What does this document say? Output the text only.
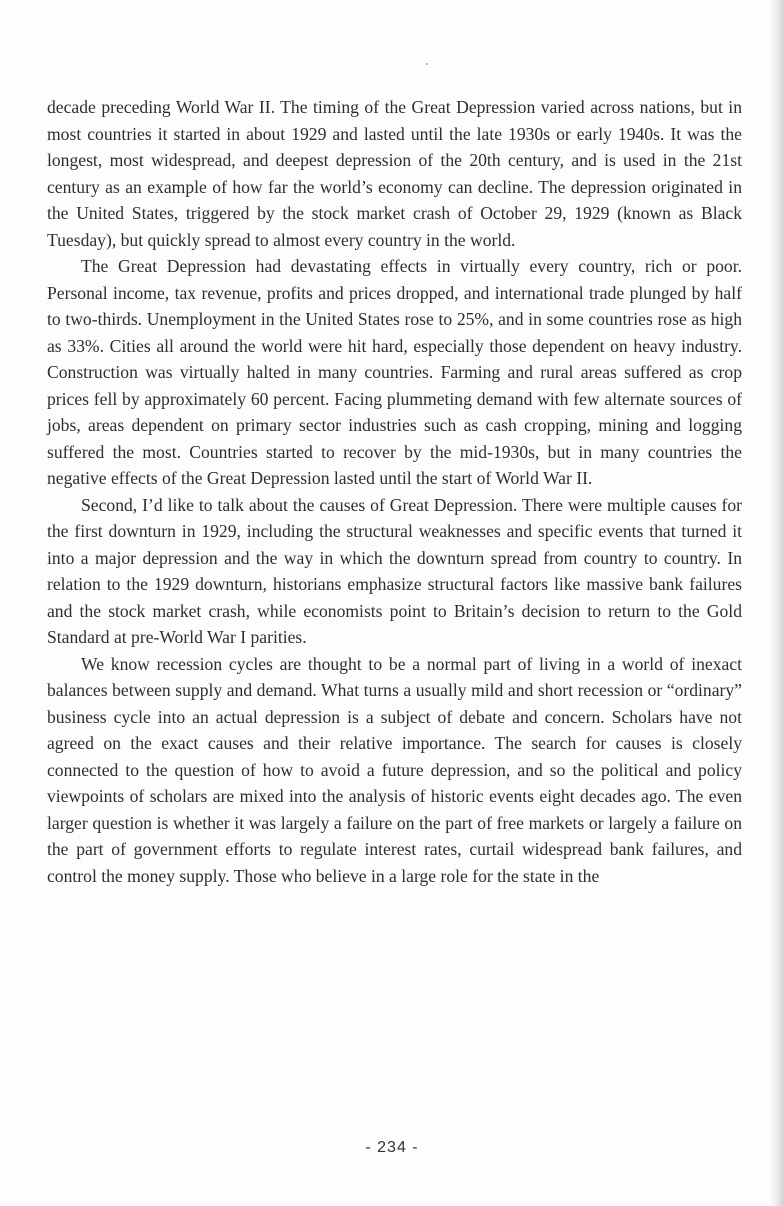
decade preceding World War II. The timing of the Great Depression varied across nations, but in most countries it started in about 1929 and lasted until the late 1930s or early 1940s. It was the longest, most widespread, and deepest depression of the 20th century, and is used in the 21st century as an example of how far the world’s economy can decline. The depression originated in the United States, triggered by the stock market crash of October 29, 1929 (known as Black Tuesday), but quickly spread to almost every country in the world.

The Great Depression had devastating effects in virtually every country, rich or poor. Personal income, tax revenue, profits and prices dropped, and international trade plunged by half to two-thirds. Unemployment in the United States rose to 25%, and in some countries rose as high as 33%. Cities all around the world were hit hard, especially those dependent on heavy industry. Construction was virtually halted in many countries. Farming and rural areas suffered as crop prices fell by approximately 60 percent. Facing plummeting demand with few alternate sources of jobs, areas dependent on primary sector industries such as cash cropping, mining and logging suffered the most. Countries started to recover by the mid-1930s, but in many countries the negative effects of the Great Depression lasted until the start of World War II.

Second, I’d like to talk about the causes of Great Depression. There were multiple causes for the first downturn in 1929, including the structural weaknesses and specific events that turned it into a major depression and the way in which the downturn spread from country to country. In relation to the 1929 downturn, historians emphasize structural factors like massive bank failures and the stock market crash, while economists point to Britain’s decision to return to the Gold Standard at pre-World War I parities.

We know recession cycles are thought to be a normal part of living in a world of inexact balances between supply and demand. What turns a usually mild and short recession or “ordinary” business cycle into an actual depression is a subject of debate and concern. Scholars have not agreed on the exact causes and their relative importance. The search for causes is closely connected to the question of how to avoid a future depression, and so the political and policy viewpoints of scholars are mixed into the analysis of historic events eight decades ago. The even larger question is whether it was largely a failure on the part of free markets or largely a failure on the part of government efforts to regulate interest rates, curtail widespread bank failures, and control the money supply. Those who believe in a large role for the state in the

- 234 -
